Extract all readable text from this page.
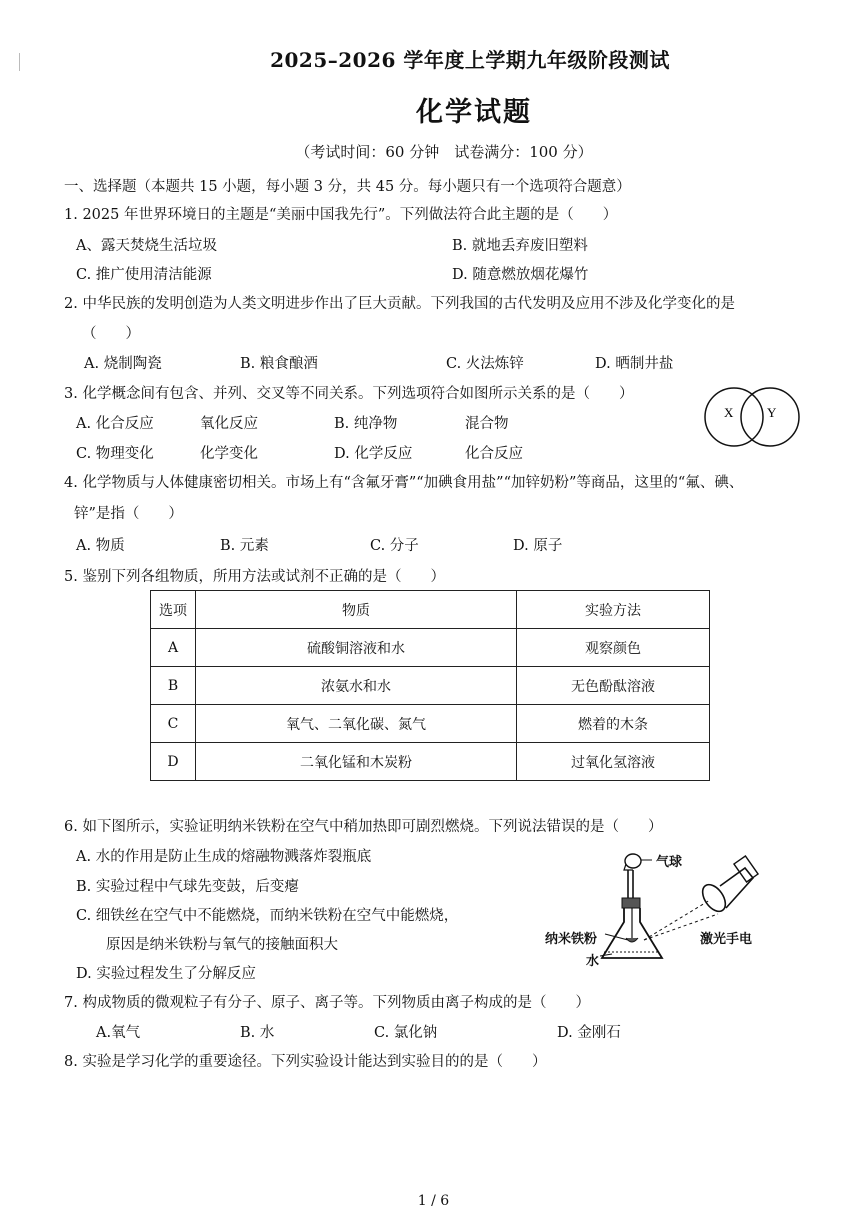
2025–2026 学年度上学期九年级阶段测试
化学试题
（考试时间：60 分钟　试卷满分：100 分）
一、选择题（本题共 15 小题，每小题 3 分，共 45 分。每小题只有一个选项符合题意）
1. 2025 年世界环境日的主题是“美丽中国我先行”。下列做法符合此主题的是（　　）
A、露天焚烧生活垃圾	B. 就地丢弃废旧塑料
C. 推广使用清洁能源	D. 随意燃放烟花爆竹
2. 中华民族的发明创造为人类文明进步作出了巨大贡献。下列我国的古代发明及应用不涉及化学变化的是
（　　）
A. 烧制陶瓷	B. 粮食酿酒	C. 火法炼锌	D. 晒制井盐
3. 化学概念间有包含、并列、交叉等不同关系。下列选项符合如图所示关系的是（　　）
A. 化合反应	氧化反应	B. 纯净物	混合物
C. 物理变化	化学变化	D. 化学反应	化合反应
X	Y
4. 化学物质与人体健康密切相关。市场上有“含氟牙膏”“加碘食用盐”“加锌奶粉”等商品，这里的“氟、碘、
锌”是指（　　）
A. 物质	B. 元素	C. 分子	D. 原子
5. 鉴别下列各组物质，所用方法或试剂不正确的是（　　）
选项	物质	实验方法
A	硫酸铜溶液和水	观察颜色
B	浓氨水和水	无色酚酞溶液
C	氧气、二氧化碳、氮气	燃着的木条
D	二氧化锰和木炭粉	过氧化氢溶液
6. 如下图所示，实验证明纳米铁粉在空气中稍加热即可剧烈燃烧。下列说法错误的是（　　）
A. 水的作用是防止生成的熔融物溅落炸裂瓶底
B. 实验过程中气球先变鼓，后变瘪
C. 细铁丝在空气中不能燃烧，而纳米铁粉在空气中能燃烧，
原因是纳米铁粉与氧气的接触面积大
D. 实验过程发生了分解反应
气球
纳米铁粉
水
激光手电
7. 构成物质的微观粒子有分子、原子、离子等。下列物质由离子构成的是（　　）
A.氧气	B. 水	C. 氯化钠	D. 金刚石
8. 实验是学习化学的重要途径。下列实验设计能达到实验目的的是（　　）
1 / 6
